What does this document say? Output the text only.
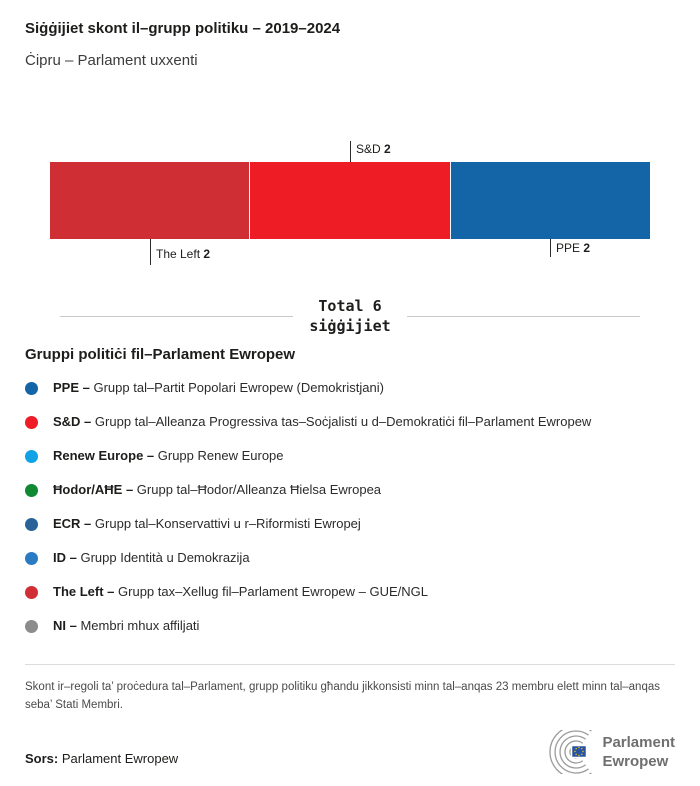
Siġġijiet skont il–grupp politiku – 2019–2024

Ċipru – Parlament uxxenti

S&D 2
The Left 2	PPE 2
Total 6
siġġijiet
Gruppi politiċi fil–Parlament Ewropew
PPE – Grupp tal–Partit Popolari Ewropew (Demokristjani)
S&D – Grupp tal–Alleanza Progressiva tas–Soċjalisti u d–Demokratiċi fil–Parlament Ewropew
Renew Europe – Grupp Renew Europe
Ħodor/AĦE – Grupp tal–Ħodor/Alleanza Ħielsa Ewropea
ECR – Grupp tal–Konservattivi u r–Riformisti Ewropej
ID – Grupp Identità u Demokrazija
The Left – Grupp tax–Xellug fil–Parlament Ewropew – GUE/NGL
NI – Membri mhux affiljati
Skont ir–regoli ta’ proċedura tal–Parlament, grupp politiku għandu jikkonsisti minn tal–anqas 23 membru elett minn tal–anqas seba’ Stati Membri.
Sors: Parlament Ewropew
Parlament
Ewropew
